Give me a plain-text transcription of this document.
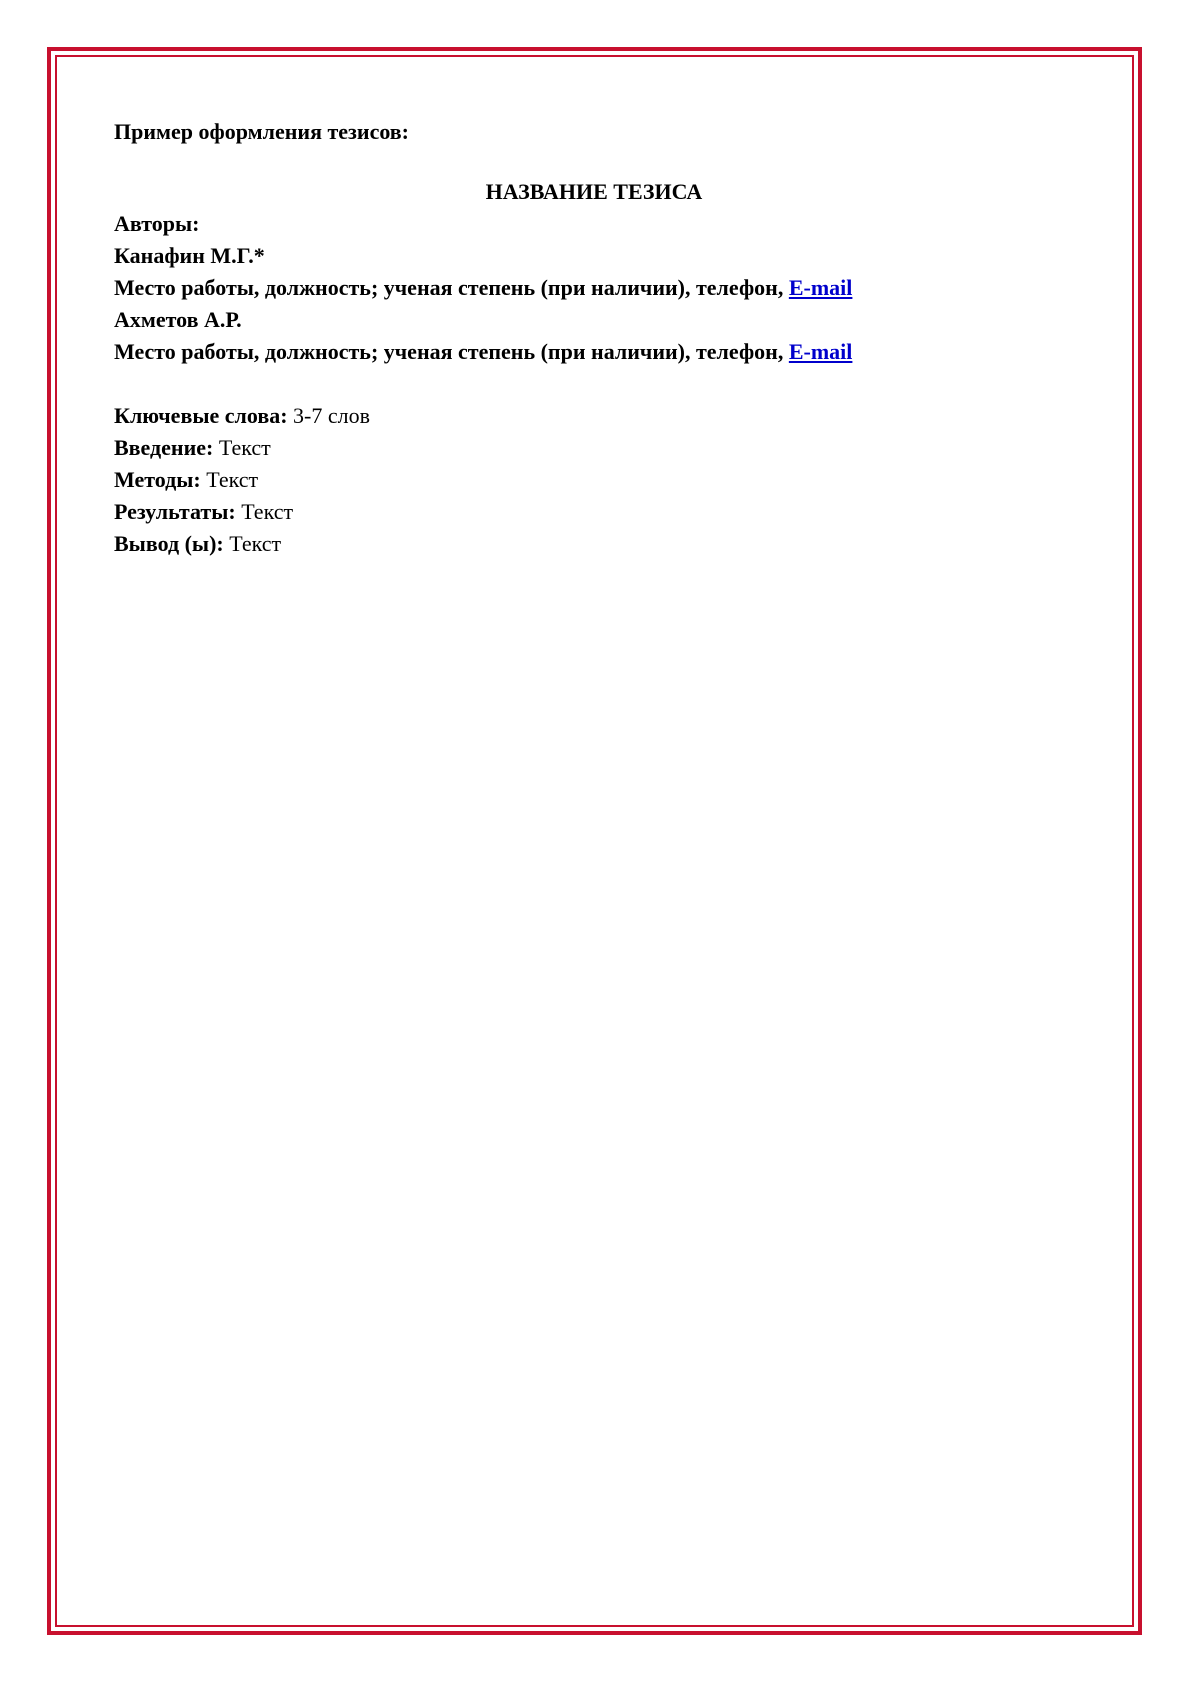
Пример оформления тезисов:

НАЗВАНИЕ ТЕЗИСА

Авторы:

Канафин М.Г.*

Место работы, должность; ученая степень (при наличии), телефон, E-mail

Ахметов А.Р.

Место работы, должность; ученая степень (при наличии), телефон, E-mail

Ключевые слова: 3-7 слов

Введение: Текст

Методы: Текст

Результаты: Текст

Вывод (ы): Текст
